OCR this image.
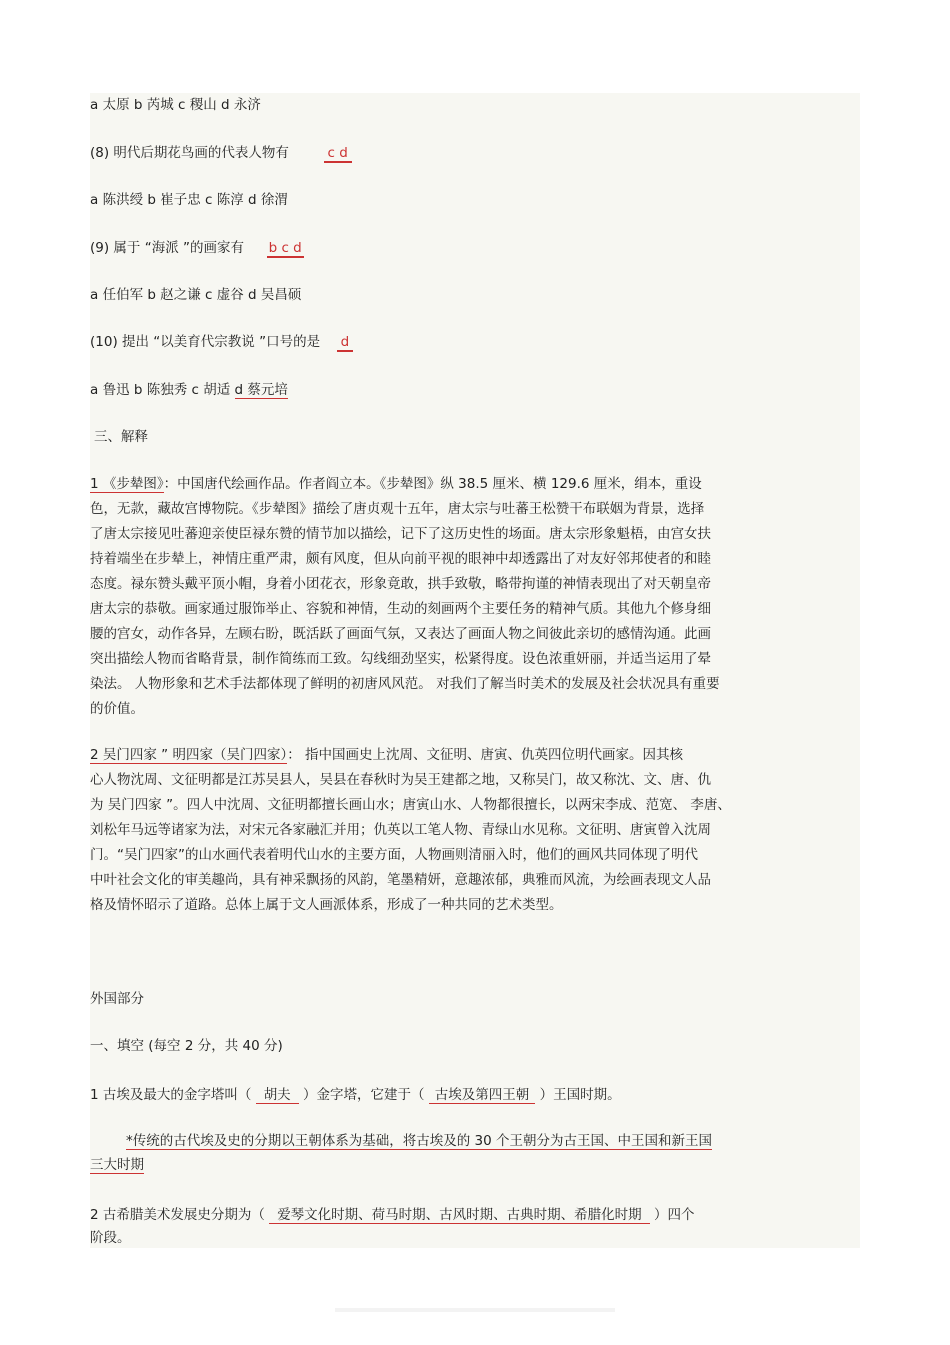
a 太原 b 芮城 c 稷山 d 永济
(8) 明代后期花鸟画的代表人物有	c d
a 陈洪绶 b 崔子忠 c 陈淳 d 徐渭
(9) 属于 “海派 ”的画家有 b c d
a 任伯军 b 赵之谦 c 虚谷 d 吴昌硕
(10) 提出 “以美育代宗教说 ”口号的是 d
a 鲁迅 b 陈独秀 c 胡适 d 蔡元培
三、解释
1 《步辇图》：中国唐代绘画作品。作者阎立本。《步辇图》纵 38.5 厘米、横 129.6 厘米，绢本，重设
色，无款，藏故宫博物院。《步辇图》描绘了唐贞观十五年，唐太宗与吐蕃王松赞干布联姻为背景，选择
了唐太宗接见吐蕃迎亲使臣禄东赞的情节加以描绘，记下了这历史性的场面。唐太宗形象魁梧，由宫女扶
持着端坐在步辇上，神情庄重严肃，颇有风度，但从向前平视的眼神中却透露出了对友好邻邦使者的和睦
态度。禄东赞头戴平顶小帽，身着小团花衣，形象竟敢，拱手致敬，略带拘谨的神情表现出了对天朝皇帝
唐太宗的恭敬。画家通过服饰举止、容貌和神情，生动的刻画两个主要任务的精神气质。其他九个修身细
腰的宫女，动作各异，左顾右盼，既活跃了画面气氛，又表达了画面人物之间彼此亲切的感情沟通。此画
突出描绘人物而省略背景，制作简练而工致。勾线细劲坚实，松紧得度。设色浓重妍丽，并适当运用了晕
染法。 人物形象和艺术手法都体现了鲜明的初唐风风范。 对我们了解当时美术的发展及社会状况具有重要
的价值。
2 吴门四家 ” 明四家（吴门四家）： 指中国画史上沈周、文征明、唐寅、仇英四位明代画家。因其核
心人物沈周、文征明都是江苏吴县人，吴县在春秋时为吴王建都之地，又称吴门，故又称沈、文、唐、仇
为 吴门四家 ”。四人中沈周、文征明都擅长画山水；唐寅山水、人物都很擅长，以两宋李成、范宽、 李唐、
刘松年马远等诸家为法，对宋元各家融汇并用；仇英以工笔人物、青绿山水见称。文征明、唐寅曾入沈周
门。“吴门四家”的山水画代表着明代山水的主要方面，人物画则清丽入时，他们的画风共同体现了明代
中叶社会文化的审美趣尚，具有神采飘扬的风韵，笔墨精妍，意趣浓郁，典雅而风流，为绘画表现文人品
格及情怀昭示了道路。总体上属于文人画派体系，形成了一种共同的艺术类型。
外国部分
一、填空 (每空 2 分，共 40 分)
1 古埃及最大的金字塔叫（ 胡夫 ）金字塔，它建于（ 古埃及第四王朝 ）王国时期。
*传统的古代埃及史的分期以王朝体系为基础，将古埃及的 30 个王朝分为古王国、中王国和新王国
三大时期
2 古希腊美术发展史分期为（ 爱琴文化时期、荷马时期、古风时期、古典时期、希腊化时期 ）四个
阶段。
